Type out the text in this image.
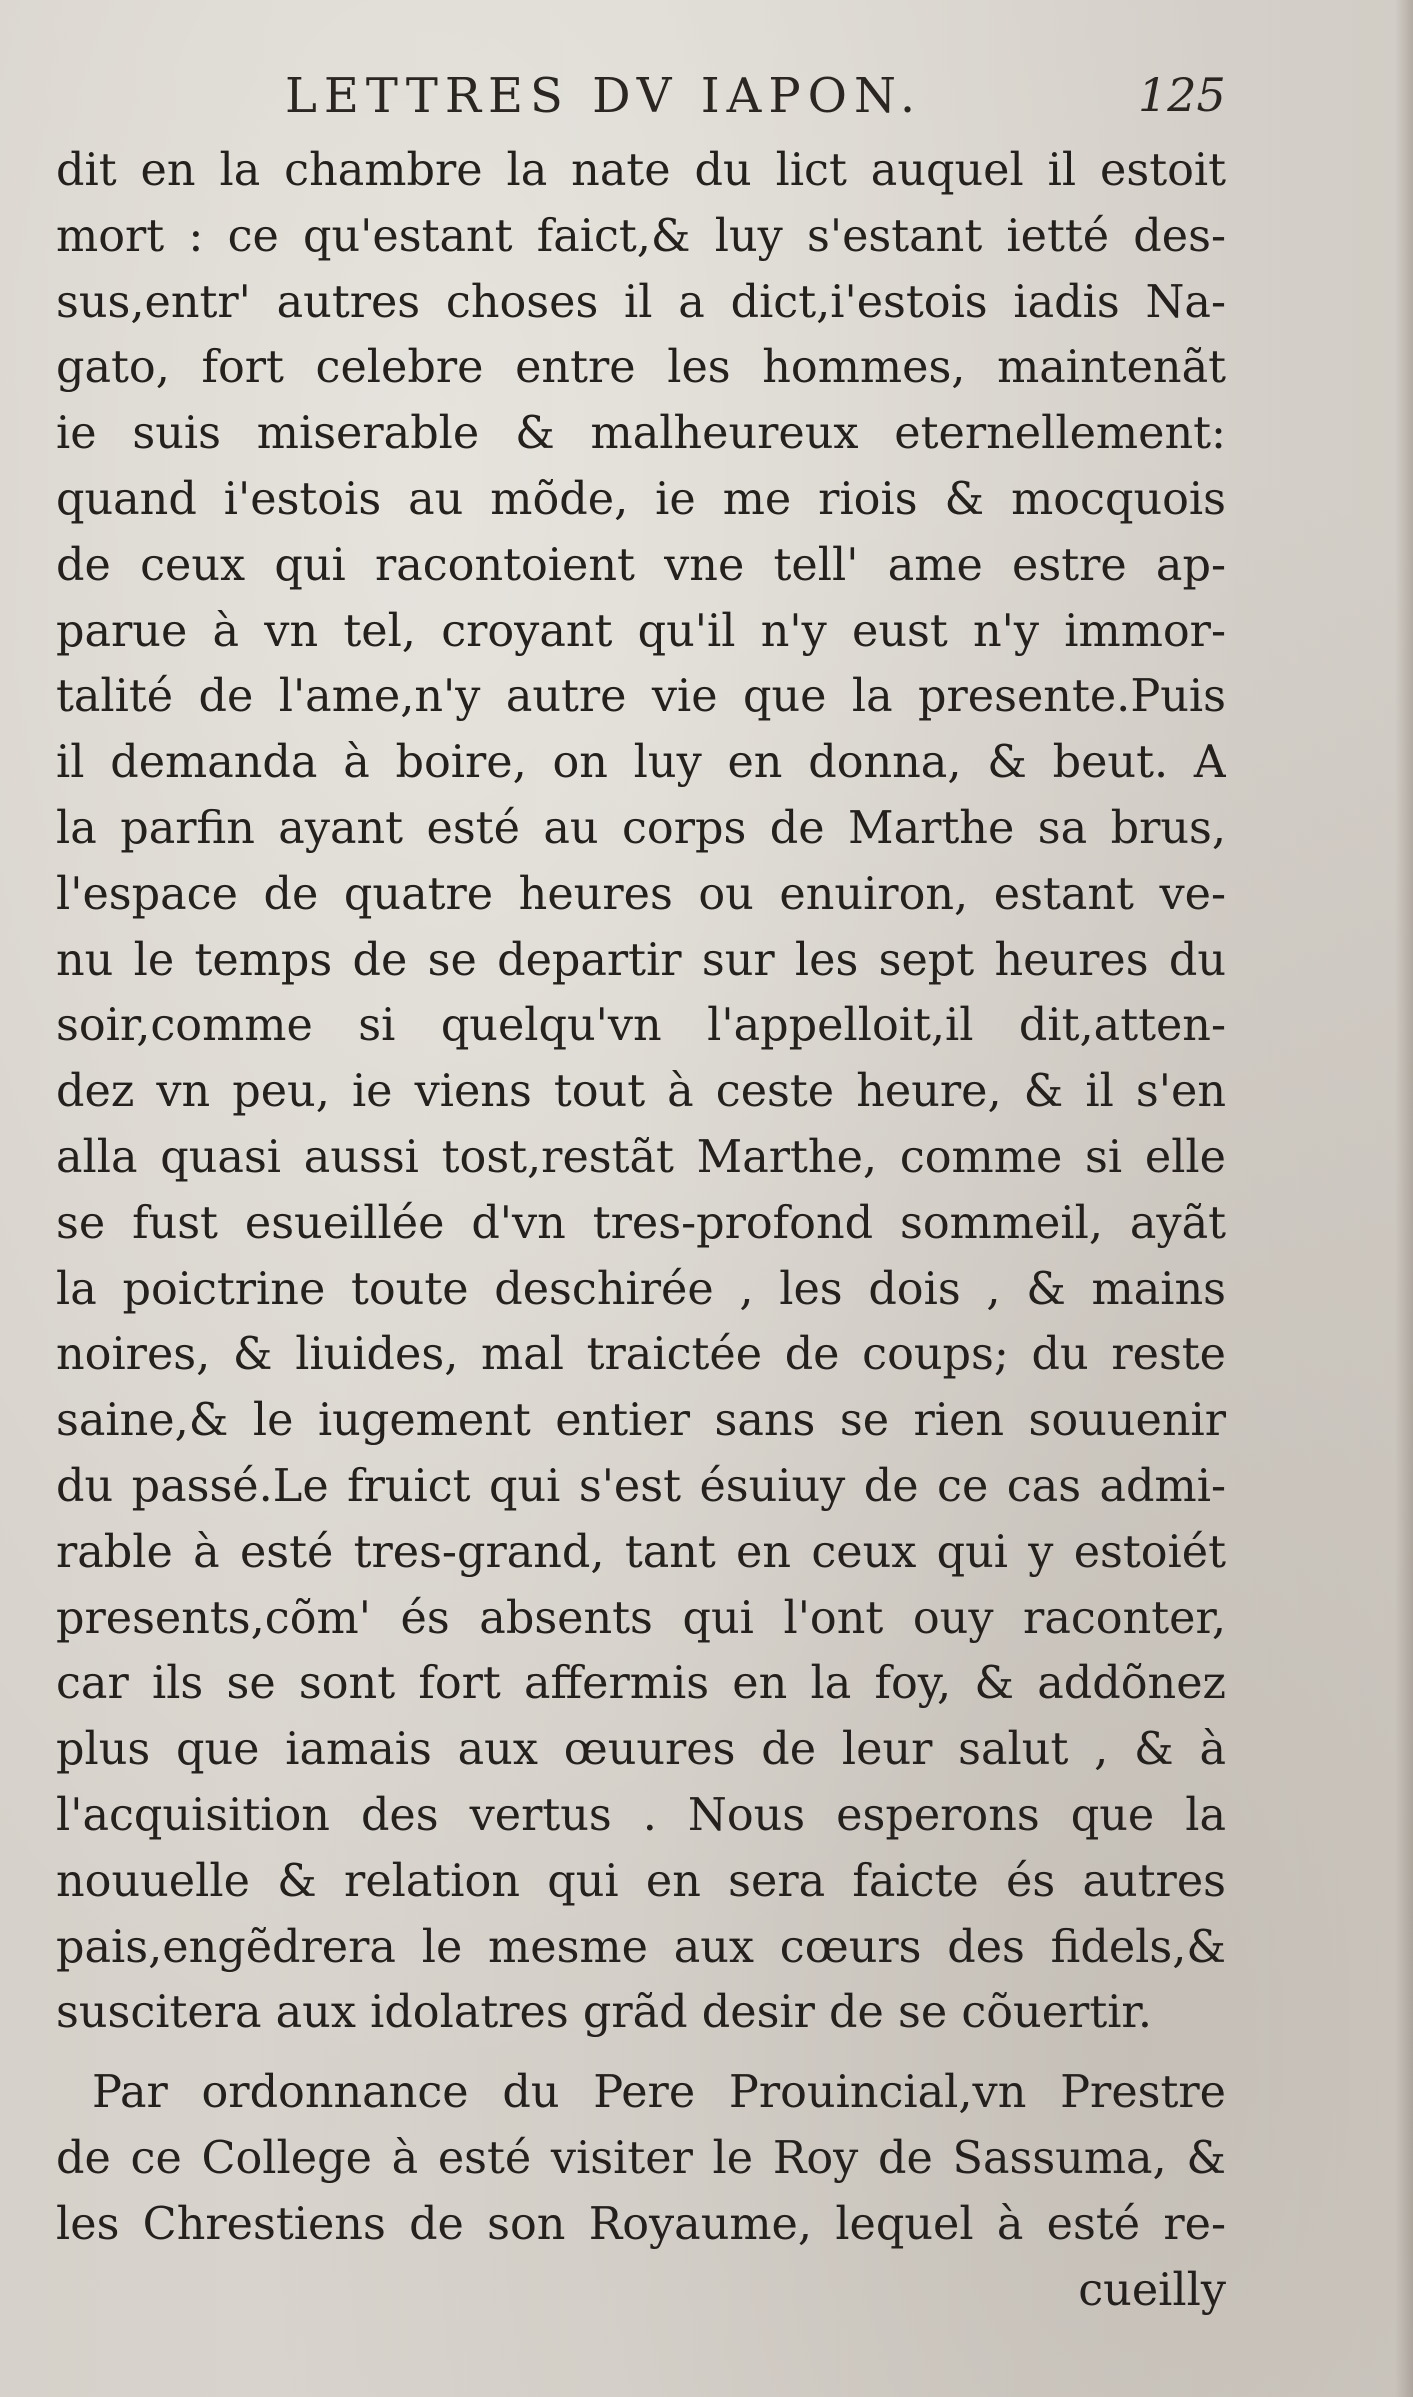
LETTRES DV IAPON.	125
dit en la chambre la nate du lict auquel il estoit
mort : ce qu'estant faict,& luy s'estant ietté des-
sus,entr' autres choses il a dict,i'estois iadis Na-
gato, fort celebre entre les hommes, maintenãt
ie suis miserable & malheureux eternellement:
quand i'estois au mõde, ie me riois & mocquois
de ceux qui racontoient vne tell' ame estre ap-
parue à vn tel, croyant qu'il n'y eust n'y immor-
talité de l'ame,n'y autre vie que la presente.Puis
il demanda à boire, on luy en donna, & beut. A
la parfin ayant esté au corps de Marthe sa brus,
l'espace de quatre heures ou enuiron, estant ve-
nu le temps de se departir sur les sept heures du
soir,comme si quelqu'vn l'appelloit,il dit,atten-
dez vn peu, ie viens tout à ceste heure, & il s'en
alla quasi aussi tost,restãt Marthe, comme si elle
se fust esueillée d'vn tres-profond sommeil, ayãt
la poictrine toute deschirée , les dois , & mains
noires, & liuides, mal traictée de coups; du reste
saine,& le iugement entier sans se rien souuenir
du passé.Le fruict qui s'est ésuiuy de ce cas admi-
rable à esté tres-grand, tant en ceux qui y estoiét
presents,cõm' és absents qui l'ont ouy raconter,
car ils se sont fort affermis en la foy, & addõnez
plus que iamais aux œuures de leur salut , & à
l'acquisition des vertus . Nous esperons que la
nouuelle & relation qui en sera faicte és autres
pais,engẽdrera le mesme aux cœurs des fidels,&
suscitera aux idolatres grãd desir de se cõuertir.
Par ordonnance du Pere Prouincial,vn Prestre
de ce College à esté visiter le Roy de Sassuma, &
les Chrestiens de son Royaume, lequel à esté re-
cueilly
